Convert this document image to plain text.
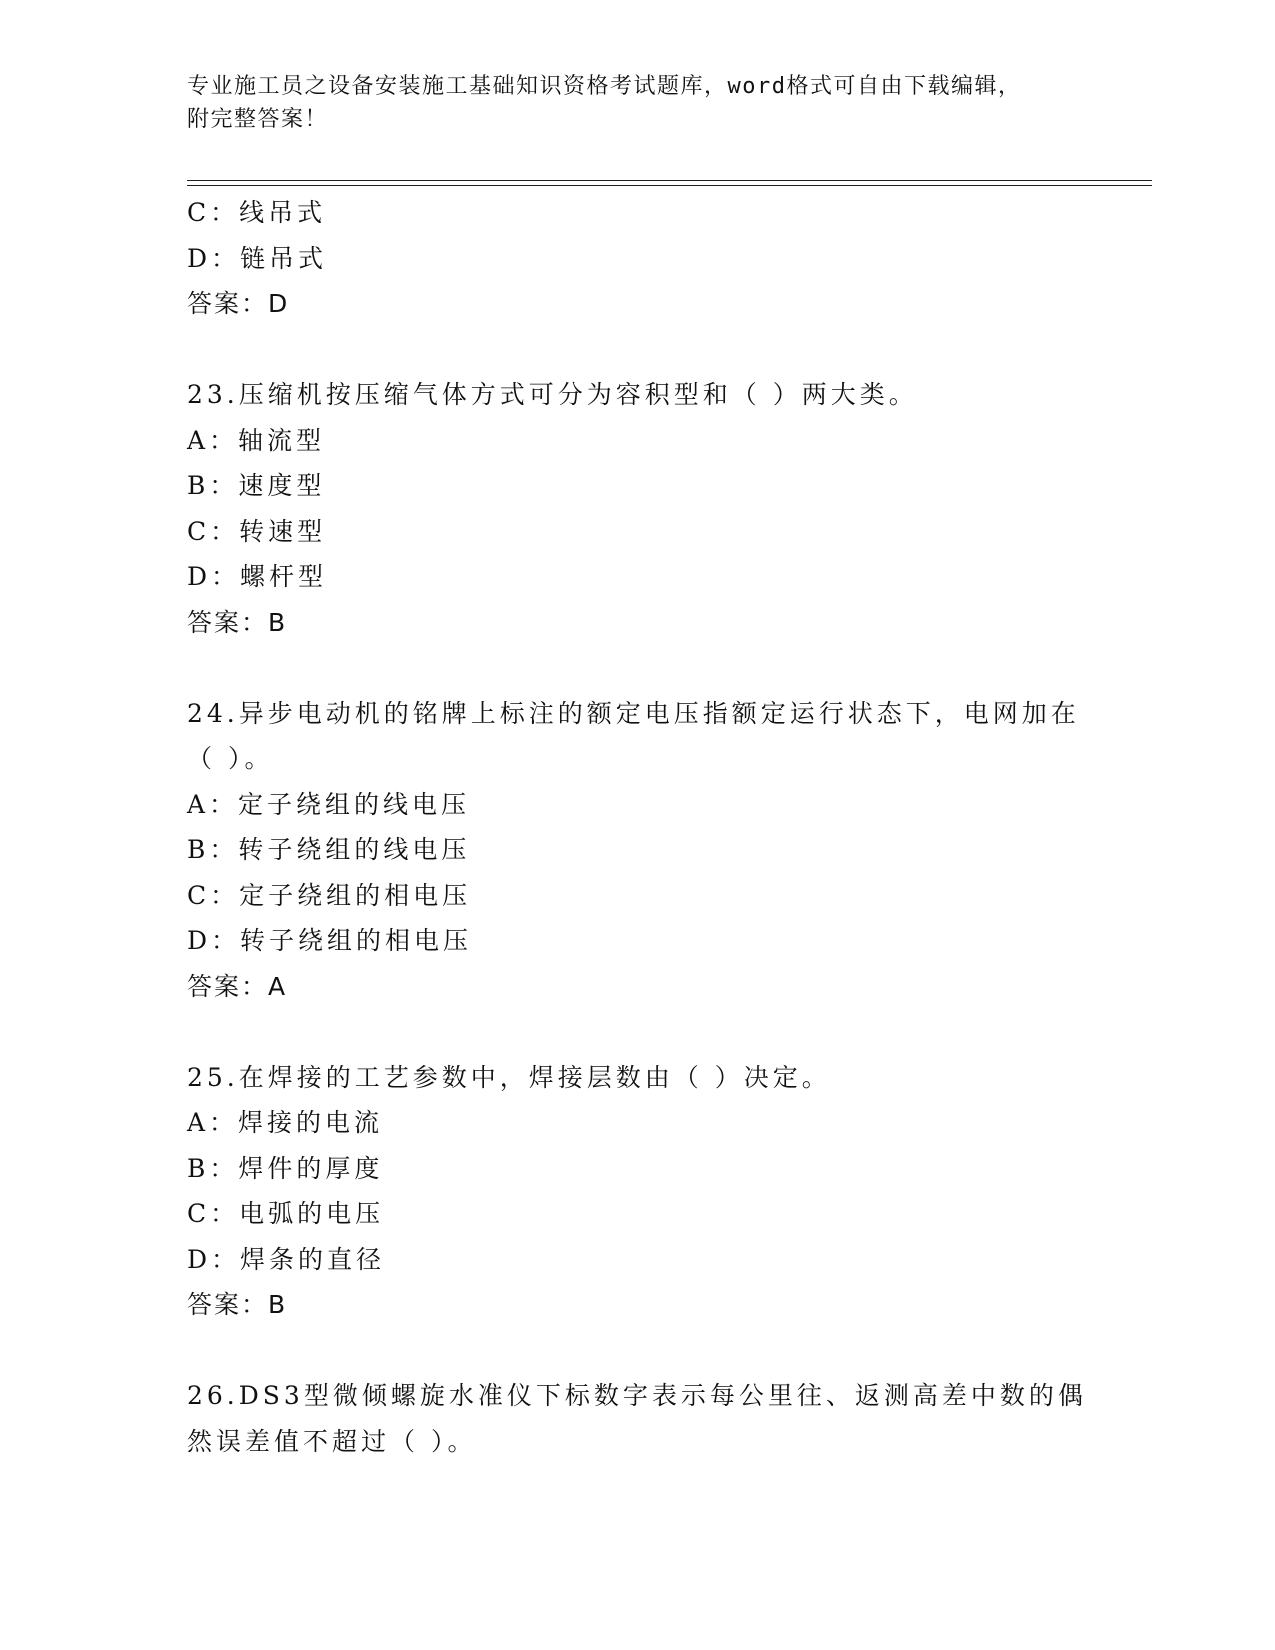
专业施工员之设备安装施工基础知识资格考试题库，word格式可自由下载编辑，
附完整答案！
C：线吊式
D：链吊式
答案：D
23.压缩机按压缩气体方式可分为容积型和（ ）两大类。
A：轴流型
B：速度型
C：转速型
D：螺杆型
答案：B
24.异步电动机的铭牌上标注的额定电压指额定运行状态下，电网加在
（ ）。
A：定子绕组的线电压
B：转子绕组的线电压
C：定子绕组的相电压
D：转子绕组的相电压
答案：A
25.在焊接的工艺参数中，焊接层数由（ ）决定。
A：焊接的电流
B：焊件的厚度
C：电弧的电压
D：焊条的直径
答案：B
26.DS3型微倾螺旋水准仪下标数字表示每公里往、返测高差中数的偶
然误差值不超过（ ）。
